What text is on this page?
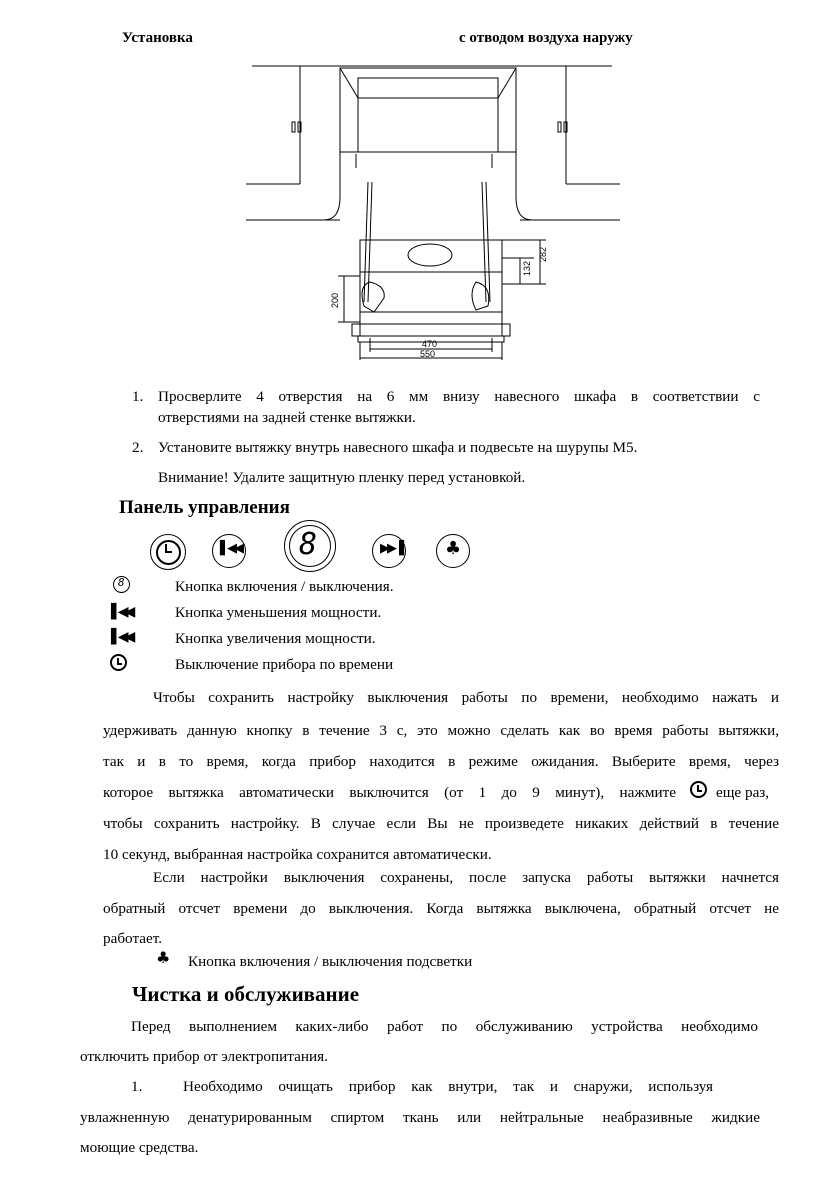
Установка	с отводом воздуха наружу
282
132
200
470
550
1. Просверлите 4 отверстия на 6 мм внизу навесного шкафа в соответствии с
отверстиями на задней стенке вытяжки.
2. Установите вытяжку внутрь навесного шкафа и подвесьте на шурупы М5.
Внимание! Удалите защитную пленку перед установкой.
Панель управления
▌◀◀ 8	▶▶▐ ♣
8	Кнопка включения / выключения.
▌◀◀	Кнопка уменьшения мощности.
▌◀◀	Кнопка увеличения мощности.
Выключение прибора по времени
Чтобы сохранить настройку выключения работы по времени, необходимо нажать и
удерживать данную кнопку в течение 3 с, это можно сделать как во время работы вытяжки,
так и в то время, когда прибор находится в режиме ожидания. Выберите время, через
которое вытяжка автоматически выключится (от 1 до 9 минут), нажмите	еще раз,
чтобы сохранить настройку. В случае если Вы не произведете никаких действий в течение
10 секунд, выбранная настройка сохранится автоматически.
Если настройки выключения сохранены, после запуска работы вытяжки начнется
обратный отсчет времени до выключения. Когда вытяжка выключена, обратный отсчет не
работает.
♣ Кнопка включения / выключения подсветки
Чистка и обслуживание
Перед выполнением каких-либо работ по обслуживанию устройства необходимо
отключить прибор от электропитания.
1.	Необходимо очищать прибор как внутри, так и снаружи, используя
увлажненную денатурированным спиртом ткань или нейтральные неабразивные жидкие
моющие средства.
